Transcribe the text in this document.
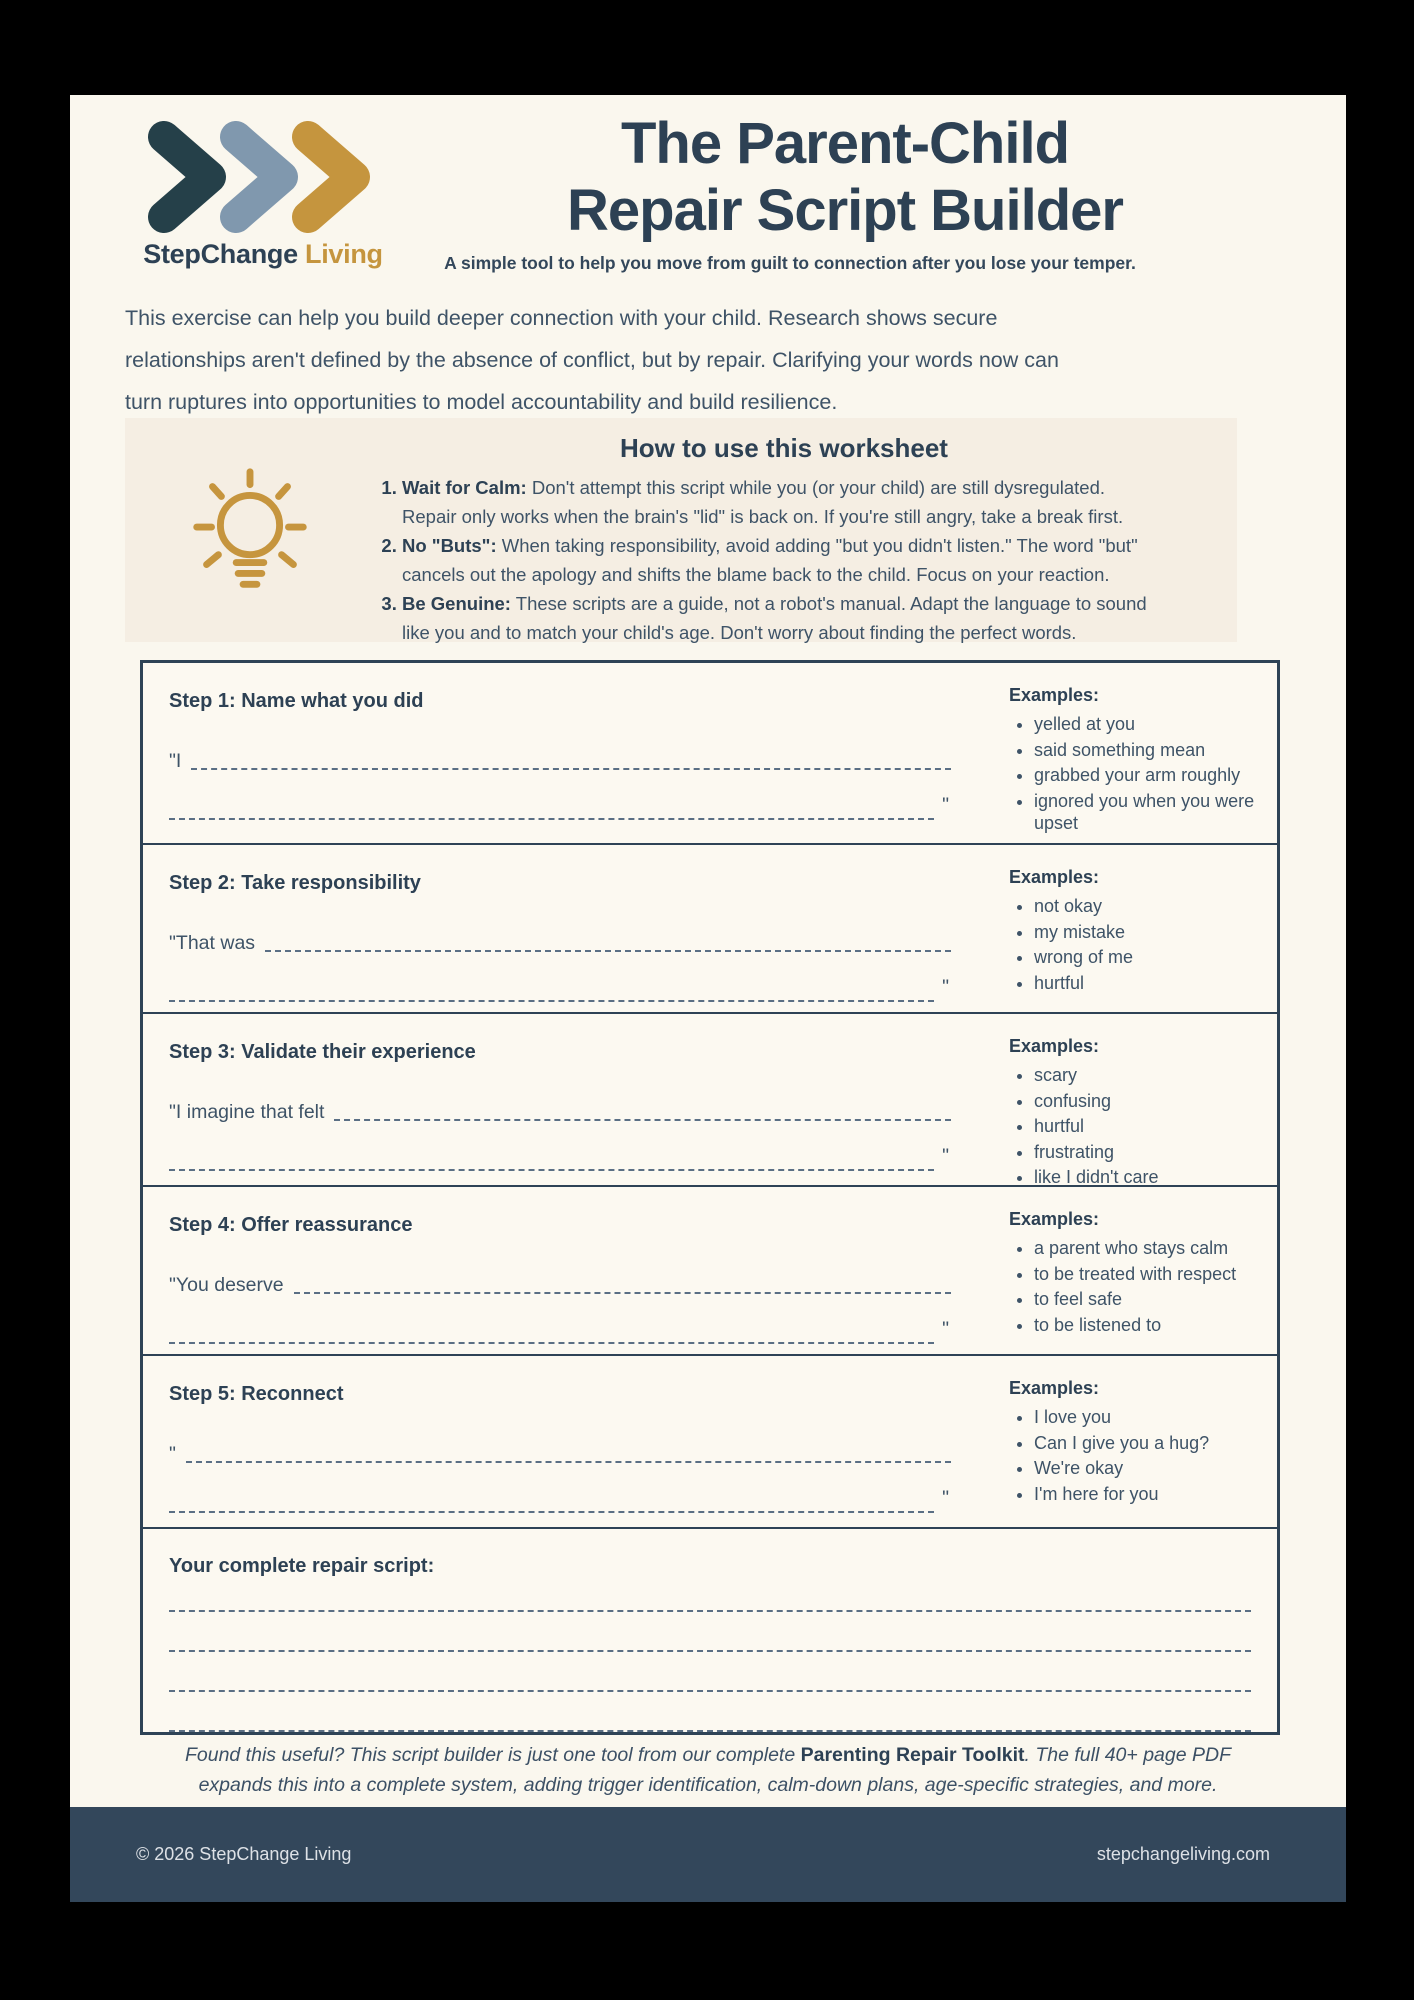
StepChange Living
The Parent-Child
Repair Script Builder
A simple tool to help you move from guilt to connection after you lose your temper.
This exercise can help you build deeper connection with your child. Research shows secure
relationships aren't defined by the absence of conflict, but by repair. Clarifying your words now can
turn ruptures into opportunities to model accountability and build resilience.
How to use this worksheet
1. Wait for Calm: Don't attempt this script while you (or your child) are still dysregulated.
Repair only works when the brain's "lid" is back on. If you're still angry, take a break first.
2. No "Buts": When taking responsibility, avoid adding "but you didn't listen." The word "but"
cancels out the apology and shifts the blame back to the child. Focus on your reaction.
3. Be Genuine: These scripts are a guide, not a robot's manual. Adapt the language to sound
like you and to match your child's age. Don't worry about finding the perfect words.
Step 1: Name what you did
"I
"
Examples:
• yelled at you
• said something mean
• grabbed your arm roughly
• ignored you when you were upset
Step 2: Take responsibility
"That was
"
Examples:
• not okay
• my mistake
• wrong of me
• hurtful
Step 3: Validate their experience
"I imagine that felt
"
Examples:
• scary
• confusing
• hurtful
• frustrating
• like I didn't care
Step 4: Offer reassurance
"You deserve
"
Examples:
• a parent who stays calm
• to be treated with respect
• to feel safe
• to be listened to
Step 5: Reconnect
"
"
Examples:
• I love you
• Can I give you a hug?
• We're okay
• I'm here for you
Your complete repair script:
Found this useful? This script builder is just one tool from our complete Parenting Repair Toolkit. The full 40+ page PDF
expands this into a complete system, adding trigger identification, calm-down plans, age-specific strategies, and more.
© 2026 StepChange Living	stepchangeliving.com
